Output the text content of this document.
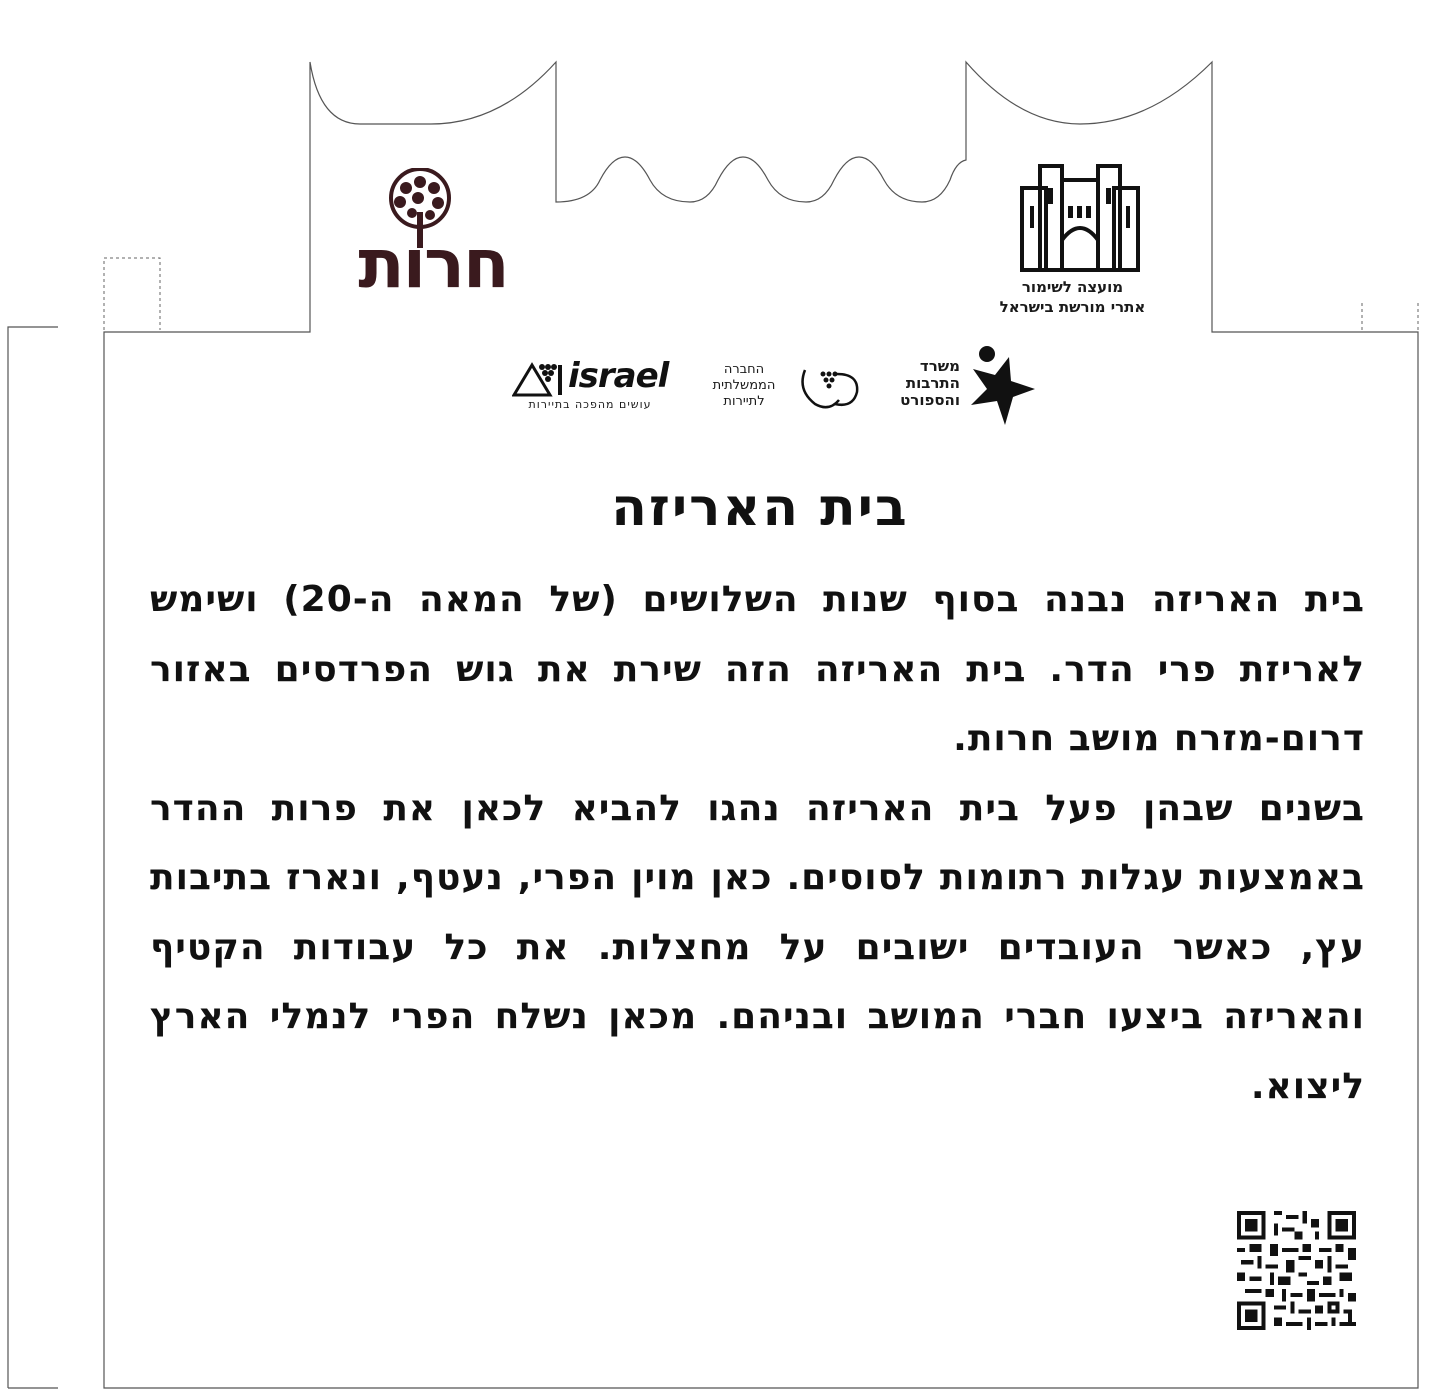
חרות	מועצה לשימור
אתרי מורשת בישראל
משרד
התרבות
והספורט
החברה
הממשלתית
לתיירות
israel
עושים מהפכה בתיירות
בית האריזה

בית האריזה נבנה בסוף שנות השלושים (של המאה ה-20) ושימש לאריזת פרי הדר. בית האריזה הזה שירת את גוש הפרדסים באזור דרום-מזרח מושב חרות.

בשנים שבהן פעל בית האריזה נהגו להביא לכאן את פרות ההדר באמצעות עגלות רתומות לסוסים. כאן מוין הפרי, נעטף, ונארז בתיבות עץ, כאשר העובדים ישובים על מחצלות. את כל עבודות הקטיף והאריזה ביצעו חברי המושב ובניהם. מכאן נשלח הפרי לנמלי הארץ ליצוא.
